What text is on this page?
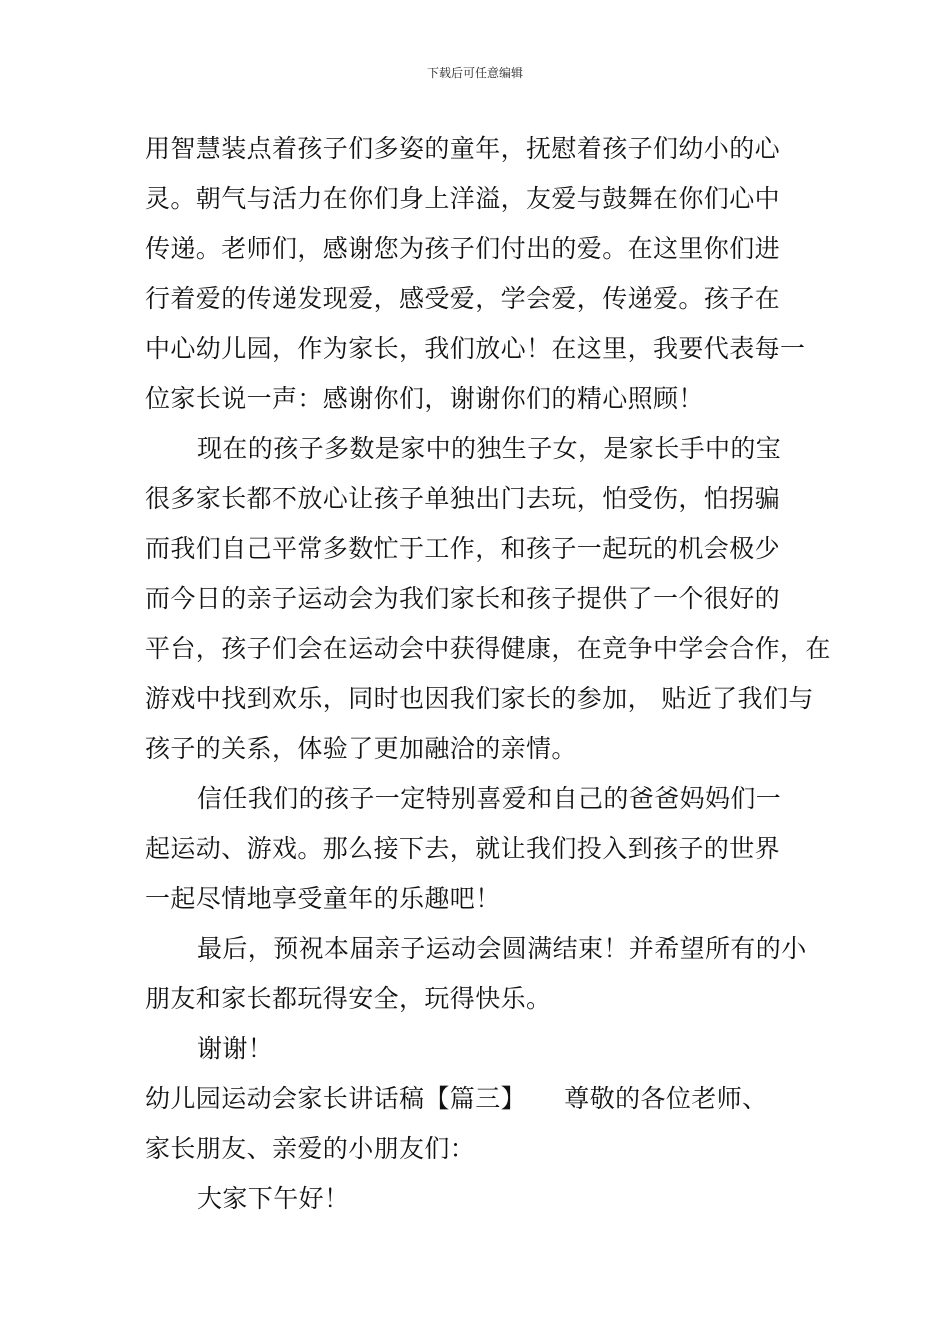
下载后可任意编辑
用智慧装点着孩子们多姿的童年，抚慰着孩子们幼小的心
灵。朝气与活力在你们身上洋溢，友爱与鼓舞在你们心中
传递。老师们，感谢您为孩子们付出的爱。在这里你们进
行着爱的传递发现爱，感受爱，学会爱，传递爱。孩子在
中心幼儿园，作为家长，我们放心！在这里，我要代表每一
位家长说一声：感谢你们，谢谢你们的精心照顾！
现在的孩子多数是家中的独生子女，是家长手中的宝
很多家长都不放心让孩子单独出门去玩，怕受伤，怕拐骗
而我们自己平常多数忙于工作，和孩子一起玩的机会极少
而今日的亲子运动会为我们家长和孩子提供了一个很好的
平台，孩子们会在运动会中获得健康，在竞争中学会合作，在
游戏中找到欢乐，同时也因我们家长的参加， 贴近了我们与
孩子的关系，体验了更加融洽的亲情。
信任我们的孩子一定特别喜爱和自己的爸爸妈妈们一
起运动、游戏。那么接下去，就让我们投入到孩子的世界
一起尽情地享受童年的乐趣吧！
最后，预祝本届亲子运动会圆满结束！并希望所有的小
朋友和家长都玩得安全，玩得快乐。
谢谢！
幼儿园运动会家长讲话稿【篇三】　　尊敬的各位老师、
家长朋友、亲爱的小朋友们：
大家下午好！
